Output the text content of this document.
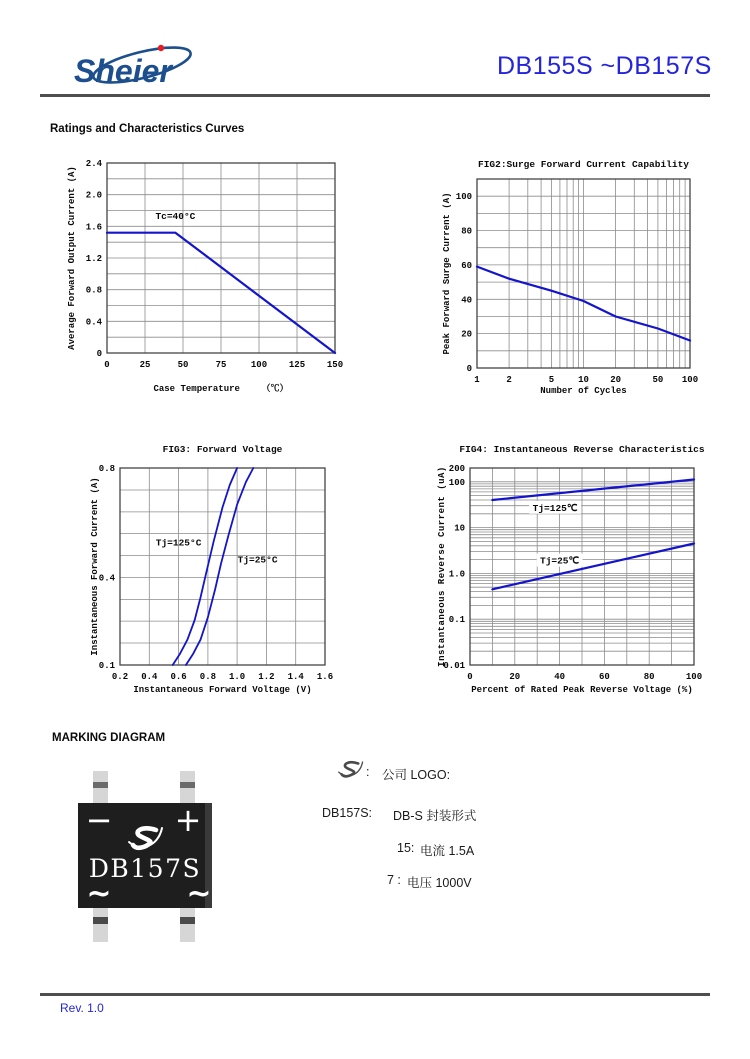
Sheier	DB155S ~DB157S
Ratings and Characteristics Curves
0	25	50	75	100 125 150
0
0.4
0.8
1.2
1.6
2.0
2.4
Case Temperature    （℃）
Average Forward Output Current (A)	Tc=40°C
1	2	5	10 20	50 100
0
20
40
60
80
100
FIG2:Surge Forward Current Capability
Number of Cycles
Peak Forward Surge Current (A)
0.2 0.4 0.6 0.8 1.0 1.2 1.4 1.6
0.1
0.4
0.8
FIG3: Forward Voltage
Instantaneous Forward Voltage (V)
Instantaneous Forward Current (A)	Tj=125°C
Tj=25°C
0	20	40	60	80	100
200
100
10
1.0
0.1
0.01
FIG4: Instantaneous Reverse Characteristics
Percent of Rated Peak Reverse Voltage (%)
Instantaneous Reverse Current (uA)	Tj=125℃
Tj=25℃
MARKING DIAGRAM
− +
DB157S
~ ~
: 公司 LOGO:
DB157S: DB-S 封装形式
15: 电流 1.5A
7 : 电压 1000V
Rev. 1.0
